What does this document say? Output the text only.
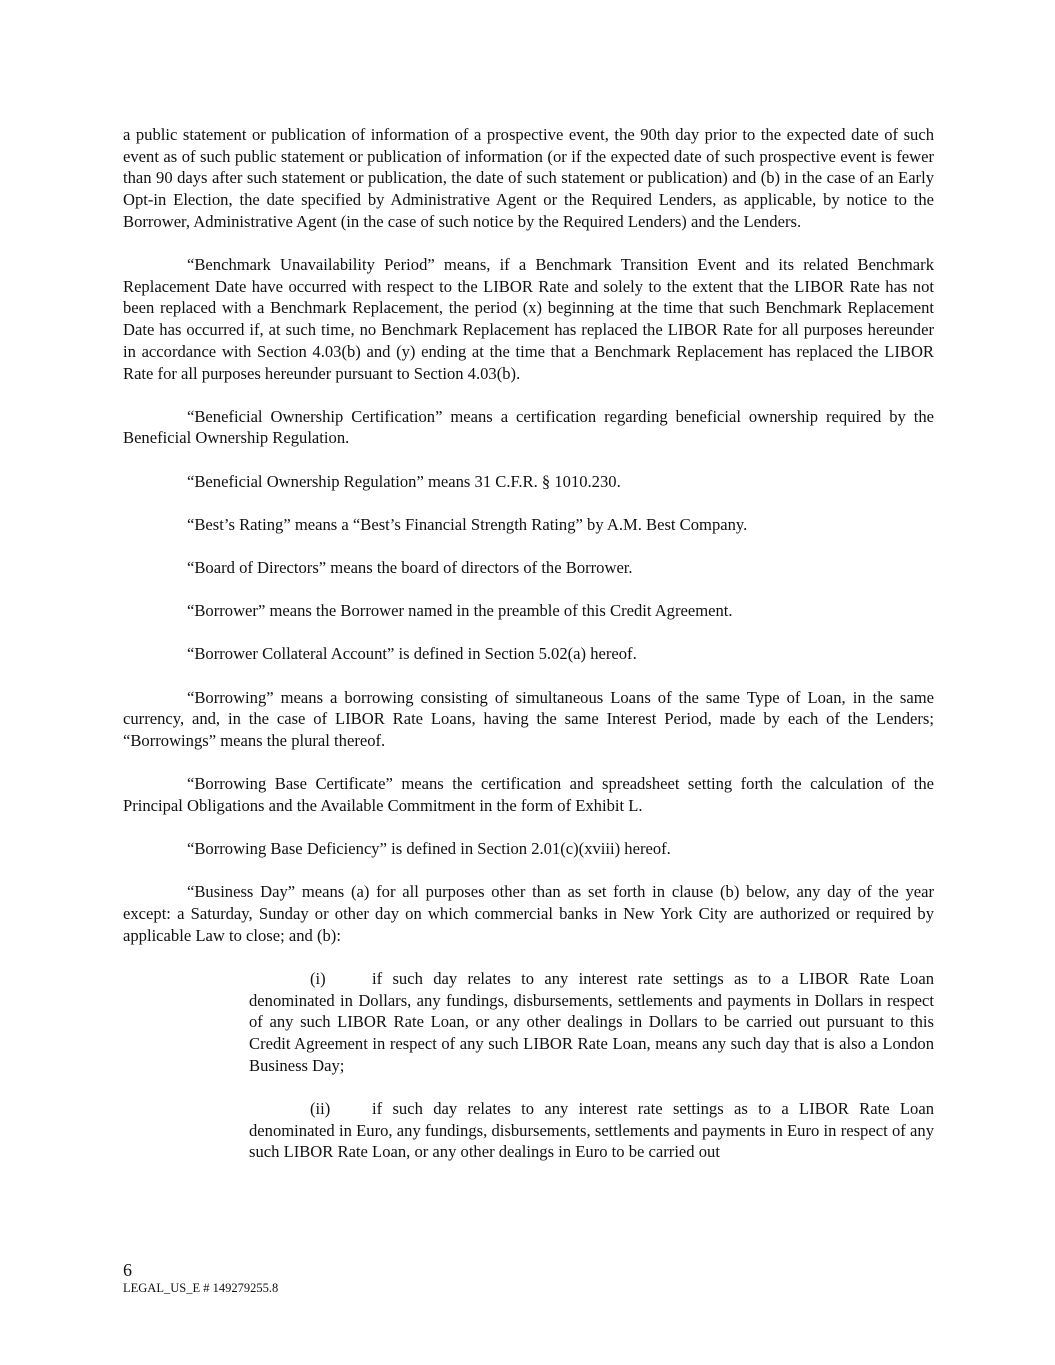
a public statement or publication of information of a prospective event, the 90th day prior to the expected date of such event as of such public statement or publication of information (or if the expected date of such prospective event is fewer than 90 days after such statement or publication, the date of such statement or publication) and (b) in the case of an Early Opt-in Election, the date specified by Administrative Agent or the Required Lenders, as applicable, by notice to the Borrower, Administrative Agent (in the case of such notice by the Required Lenders) and the Lenders.

“Benchmark Unavailability Period” means, if a Benchmark Transition Event and its related Benchmark Replacement Date have occurred with respect to the LIBOR Rate and solely to the extent that the LIBOR Rate has not been replaced with a Benchmark Replacement, the period (x) beginning at the time that such Benchmark Replacement Date has occurred if, at such time, no Benchmark Replacement has replaced the LIBOR Rate for all purposes hereunder in accordance with Section 4.03(b) and (y) ending at the time that a Benchmark Replacement has replaced the LIBOR Rate for all purposes hereunder pursuant to Section 4.03(b).

“Beneficial Ownership Certification” means a certification regarding beneficial ownership required by the Beneficial Ownership Regulation.

“Beneficial Ownership Regulation” means 31 C.F.R. § 1010.230.

“Best’s Rating” means a “Best’s Financial Strength Rating” by A.M. Best Company.

“Board of Directors” means the board of directors of the Borrower.

“Borrower” means the Borrower named in the preamble of this Credit Agreement.

“Borrower Collateral Account” is defined in Section 5.02(a) hereof.

“Borrowing” means a borrowing consisting of simultaneous Loans of the same Type of Loan, in the same currency, and, in the case of LIBOR Rate Loans, having the same Interest Period, made by each of the Lenders; “Borrowings” means the plural thereof.

“Borrowing Base Certificate” means the certification and spreadsheet setting forth the calculation of the Principal Obligations and the Available Commitment in the form of Exhibit L.

“Borrowing Base Deficiency” is defined in Section 2.01(c)(xviii) hereof.

“Business Day” means (a) for all purposes other than as set forth in clause (b) below, any day of the year except: a Saturday, Sunday or other day on which commercial banks in New York City are authorized or required by applicable Law to close; and (b):

(i)	if such day relates to any interest rate settings as to a LIBOR Rate Loan denominated in Dollars, any fundings, disbursements, settlements and payments in Dollars in respect of any such LIBOR Rate Loan, or any other dealings in Dollars to be carried out pursuant to this Credit Agreement in respect of any such LIBOR Rate Loan, means any such day that is also a London Business Day;

(ii)	if such day relates to any interest rate settings as to a LIBOR Rate Loan denominated in Euro, any fundings, disbursements, settlements and payments in Euro in respect of any such LIBOR Rate Loan, or any other dealings in Euro to be carried out

6
LEGAL_US_E # 149279255.8
